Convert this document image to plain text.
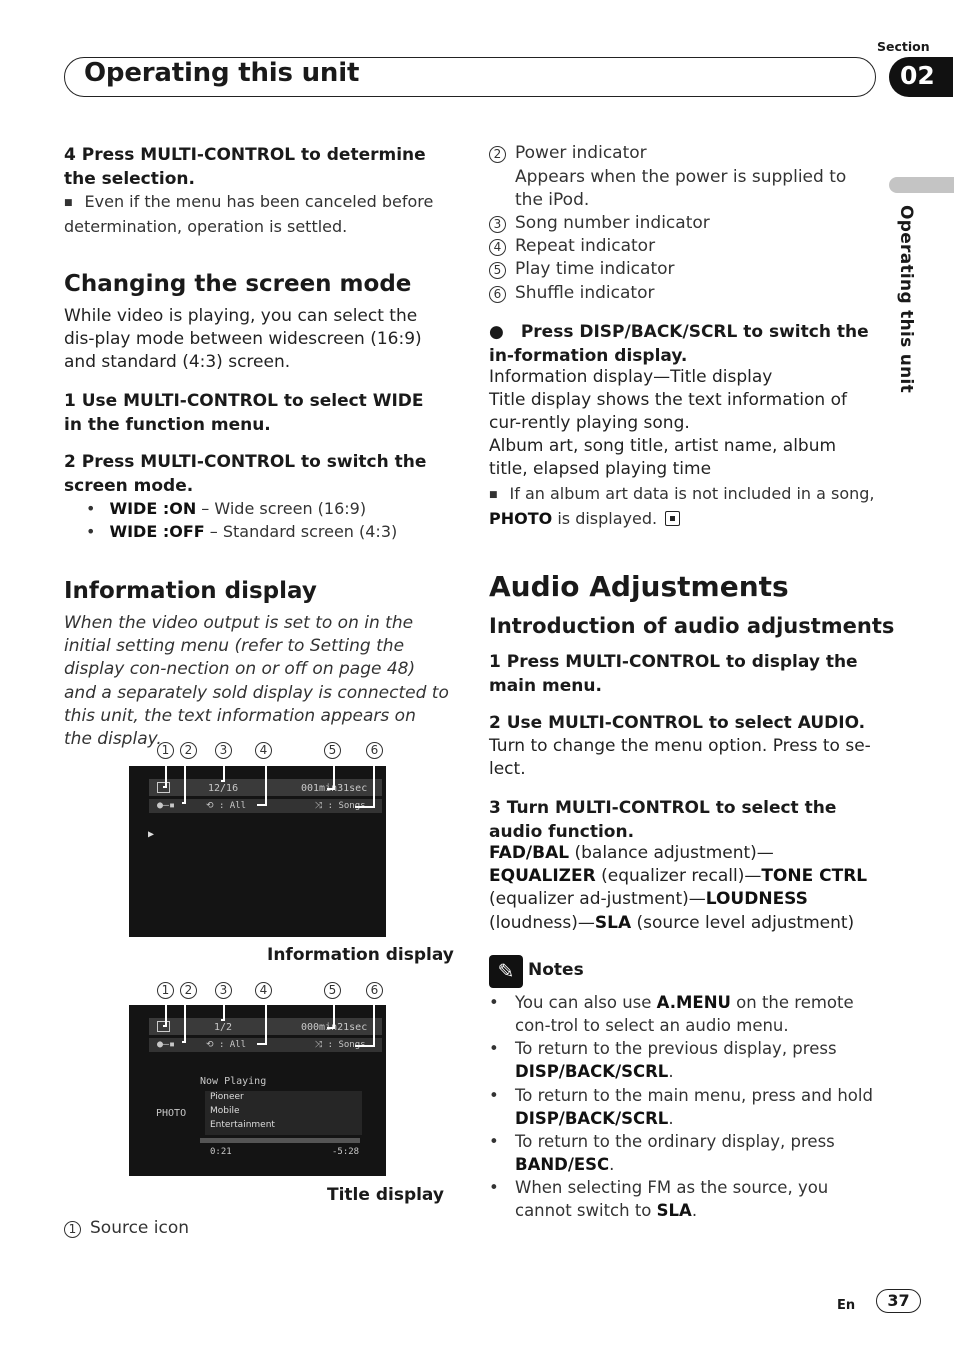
Section
Operating this unit	02
Operating this unit
4 Press MULTI-CONTROL to determine the selection.
■ Even if the menu has been canceled before determination, operation is settled.
Changing the screen mode
While video is playing, you can select the dis-play mode between widescreen (16:9) and standard (4:3) screen.
1 Use MULTI-CONTROL to select WIDE in the function menu.
2 Press MULTI-CONTROL to switch the screen mode.
• WIDE :ON – Wide screen (16:9)
• WIDE :OFF – Standard screen (4:3)
Information display
When the video output is set to on in the initial setting menu (refer to Setting the display con-nection on or off on page 48) and a separately sold display is connected to this unit, the text information appears on the display.
1	2	3	4	5	6
12/16	001min31sec
●—▪	⟲ : All	⤨ : Songs
▶
Information display
1	2	3	4	5	6
1/2	000min21sec
●—▪	⟲ : All	⤨ : Songs
Now Playing
PHOTO
Pioneer
Mobile
Entertainment
0:21	-5:28
Title display
1 Source icon
2 Power indicator
Appears when the power is supplied to the iPod.
3 Song number indicator
4 Repeat indicator
5 Play time indicator
6 Shuffle indicator
● Press DISP/BACK/SCRL to switch the in-formation display.
Information display—Title display
Title display shows the text information of cur-rently playing song.
Album art, song title, artist name, album title, elapsed playing time
■ If an album art data is not included in a song,
PHOTO is displayed.
Audio Adjustments
Introduction of audio adjustments
1 Press MULTI-CONTROL to display the main menu.
2 Use MULTI-CONTROL to select AUDIO.
Turn to change the menu option. Press to se-lect.
3 Turn MULTI-CONTROL to select the audio function.
FAD/BAL (balance adjustment)—EQUALIZER (equalizer recall)—TONE CTRL (equalizer ad-justment)—LOUDNESS (loudness)—SLA (source level adjustment)
✎ Notes
• You can also use A.MENU on the remote con-trol to select an audio menu.
• To return to the previous display, press DISP/BACK/SCRL.
• To return to the main menu, press and hold DISP/BACK/SCRL.
• To return to the ordinary display, press BAND/ESC.
• When selecting FM as the source, you cannot switch to SLA.
En	37
